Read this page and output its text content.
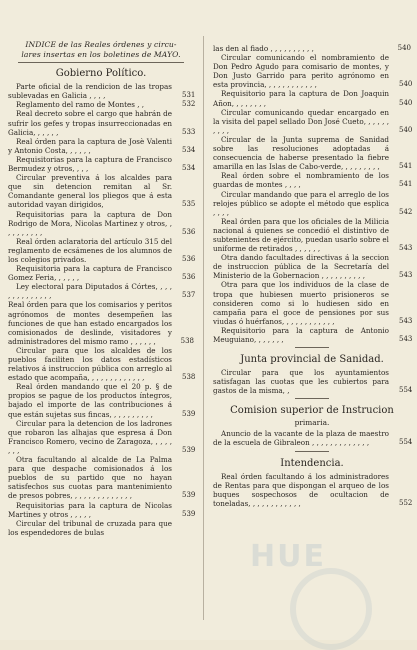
INDICE de las Reales órdenes y circu-
lares insertas en los boletines de MAYO.
Gobierno Político.

Parte oficial de la rendicion de las tropas sublevadas en Galicia , , , ,	531

Reglamento del ramo de Montes , ,	532

Real decreto sobre el cargo que habrán de sufrir los gefes y tropas insurreccionadas en Galicia, , , , , ,	533

Real órden para la captura de Josè Valenti y Antonio Costa, , , , , ,	534

Requisitorias para la captura de Francisco Bermudez y otros, , , ,	534

Circular preventiva á los alcaldes para que sin detencion remitan al Sr. Comandante general los pliegos que á esta autoridad vayan dirigidos,	535

Requisitorias para la captura de Don Rodrigo de Mora, Nicolas Martinez y otros, , , , , , , , , ,	536

Real órden aclaratoria del artículo 315 del reglamento de ecsámenes de los alumnos de los colegios privados.	536

Requisitoria para la captura de Francisco Gomez Feria, , , , , ,	536

Ley electoral para Diputados á Córtes, , , , , , , , , , , , , ,	537

Real órden para que los comisarios y peritos agrónomos de montes desempeñen las funciones de que han estado encargados los comisionados de deslinde, visitadores y administradores del mismo ramo , , , , , ,	538

Circular para que los alcaldes de los pueblos faciliten los datos estadísticos relativos á instruccion pública con arreglo al estado que acompaña, , , , , , , , , , , , ,	538

Real órden mandando que el 20 p. § de propios se pague de los productos íntegros, bajado el importe de las contribuciones á que están sujetas sus fincas, , , , , , , , , ,	539

Circular para la detencion de los ladrones que robaron las alhajas que espresa á Don Francisco Romero, vecino de Zaragoza, , , , , , , ,	539

Otra facultando al alcalde de La Palma para que despache comisionados á los pueblos de su partido que no hayan satisfechos sus cuotas para mantenimiento de presos pobres, , , , , , , , , , , , , ,	539

Requisitorias para la captura de Nicolas Martines y otros , , , , ,	539

Circular del tribunal de cruzada para que los espendedores de bulas

las den al fiado , , , , , , , , , ,	540

Circular comunicando el nombramiento de Don Pedro Agudo para comisario de montes, y Don Justo Garrido para perito agrónomo en esta provincia, , , , , , , , , , , ,	540

Requisitorio para la captura de Don Joaquin Añon, , , , , , , ,	540

Circular comunicando quedar encargado en la visita del papel sellado Don José Cueto, , , , , , , , , ,	540

Circular de la Junta suprema de Sanidad sobre las resoluciones adoptadas á consecuencia de haberse presentado la fiebre amarilla en las Islas de Cabo-verde, , , , , , , , ,	541

Real órden sobre el nombramiento de los guardas de montes , , , ,	541

Circular mandando que para el arreglo de los relojes público se adopte el método que esplica , , , ,	542

Real órden para que los oficiales de la Milicia nacional á quienes se concedió el distintivo de subtenientes de ejército, puedan usarlo sobre el uniforme de retirados , , , , , ,	543

Otra dando facultades directivas á la seccion de instruccion pública de la Secretaría del Ministerio de la Gobernacion , , , , , , , , , ,	543

Otra para que los individuos de la clase de tropa que hubiesen muerto prisioneros se consideren como si lo hudiesen sido en campaña para el goce de pensiones por sus viudas ó huérfanos, , , , , , , , , , , ,	543

Requisitorio para la captura de Antonio Meuguiano, , , , , , ,	543

Junta provincial de Sanidad.

Circular para que los ayuntamientos satisfagan las cuotas que les cubiertos para gastos de la misma, ,	554

Comision superior de Instrucion
primaria.

Anuncio de la vacante de la plaza de maestro de la escuela de Gibraleon , , , , , , , , , , , , ,	554

Intendencia.

Real órden facultando á los administradores de Rentas para que dispongan el arqueo de los buques sospechosos de ocultacion de toneladas, , , , , , , , , , , ,	552

HUE
